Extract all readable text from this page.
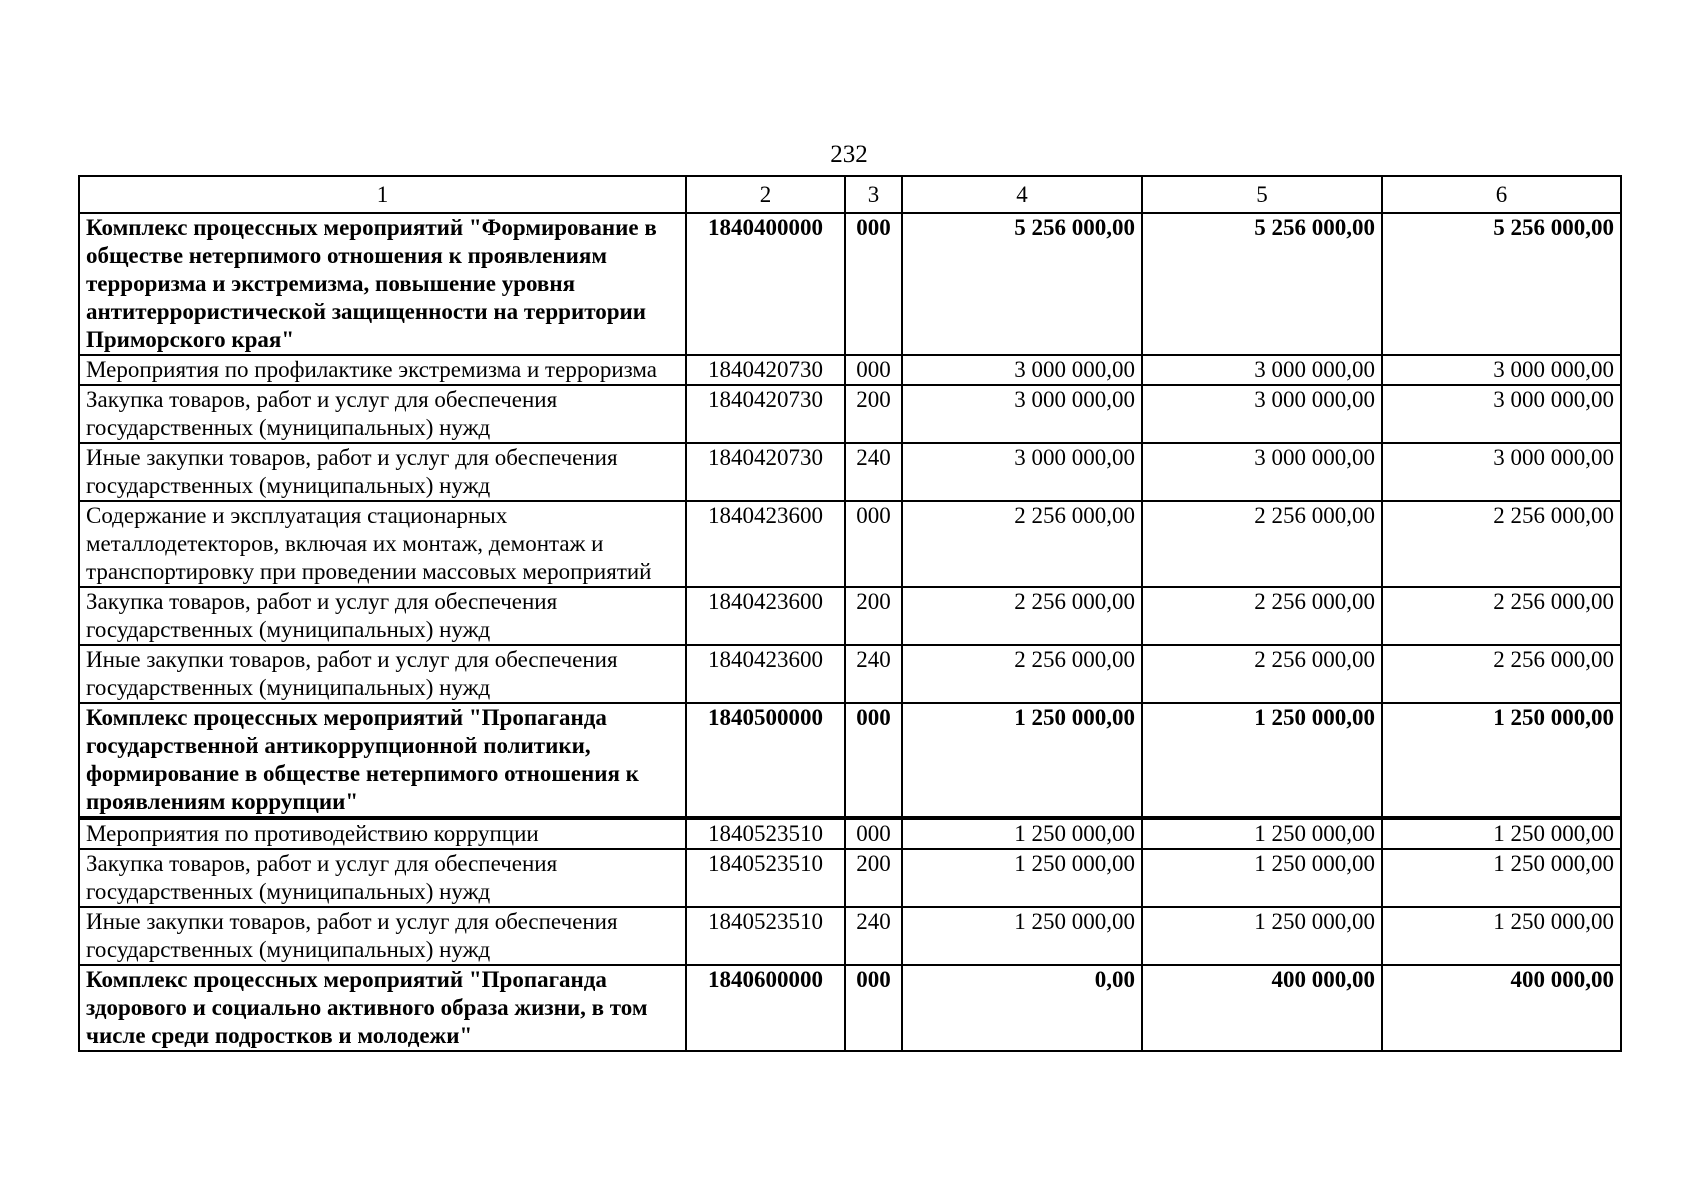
232
1	2	3	4	5	6
Комплекс процессных мероприятий "Формирование в обществе нетерпимого отношения к проявлениям терроризма и экстремизма, повышение уровня антитеррористической защищенности на территории Приморского края"	1840400000	000	5 256 000,00	5 256 000,00	5 256 000,00
Мероприятия по профилактике экстремизма и терроризма	1840420730	000	3 000 000,00	3 000 000,00	3 000 000,00
Закупка товаров, работ и услуг для обеспечения государственных (муниципальных) нужд	1840420730	200	3 000 000,00	3 000 000,00	3 000 000,00
Иные закупки товаров, работ и услуг для обеспечения государственных (муниципальных) нужд	1840420730	240	3 000 000,00	3 000 000,00	3 000 000,00
Содержание и эксплуатация стационарных металлодетекторов, включая их монтаж, демонтаж и транспортировку при проведении массовых мероприятий	1840423600	000	2 256 000,00	2 256 000,00	2 256 000,00
Закупка товаров, работ и услуг для обеспечения государственных (муниципальных) нужд	1840423600	200	2 256 000,00	2 256 000,00	2 256 000,00
Иные закупки товаров, работ и услуг для обеспечения государственных (муниципальных) нужд	1840423600	240	2 256 000,00	2 256 000,00	2 256 000,00
Комплекс процессных мероприятий "Пропаганда государственной антикоррупционной политики, формирование в обществе нетерпимого отношения к проявлениям коррупции"	1840500000	000	1 250 000,00	1 250 000,00	1 250 000,00
Мероприятия по противодействию коррупции	1840523510	000	1 250 000,00	1 250 000,00	1 250 000,00
Закупка товаров, работ и услуг для обеспечения государственных (муниципальных) нужд	1840523510	200	1 250 000,00	1 250 000,00	1 250 000,00
Иные закупки товаров, работ и услуг для обеспечения государственных (муниципальных) нужд	1840523510	240	1 250 000,00	1 250 000,00	1 250 000,00
Комплекс процессных мероприятий "Пропаганда здорового и социально активного образа жизни, в том числе среди подростков и молодежи"	1840600000	000	0,00	400 000,00	400 000,00
